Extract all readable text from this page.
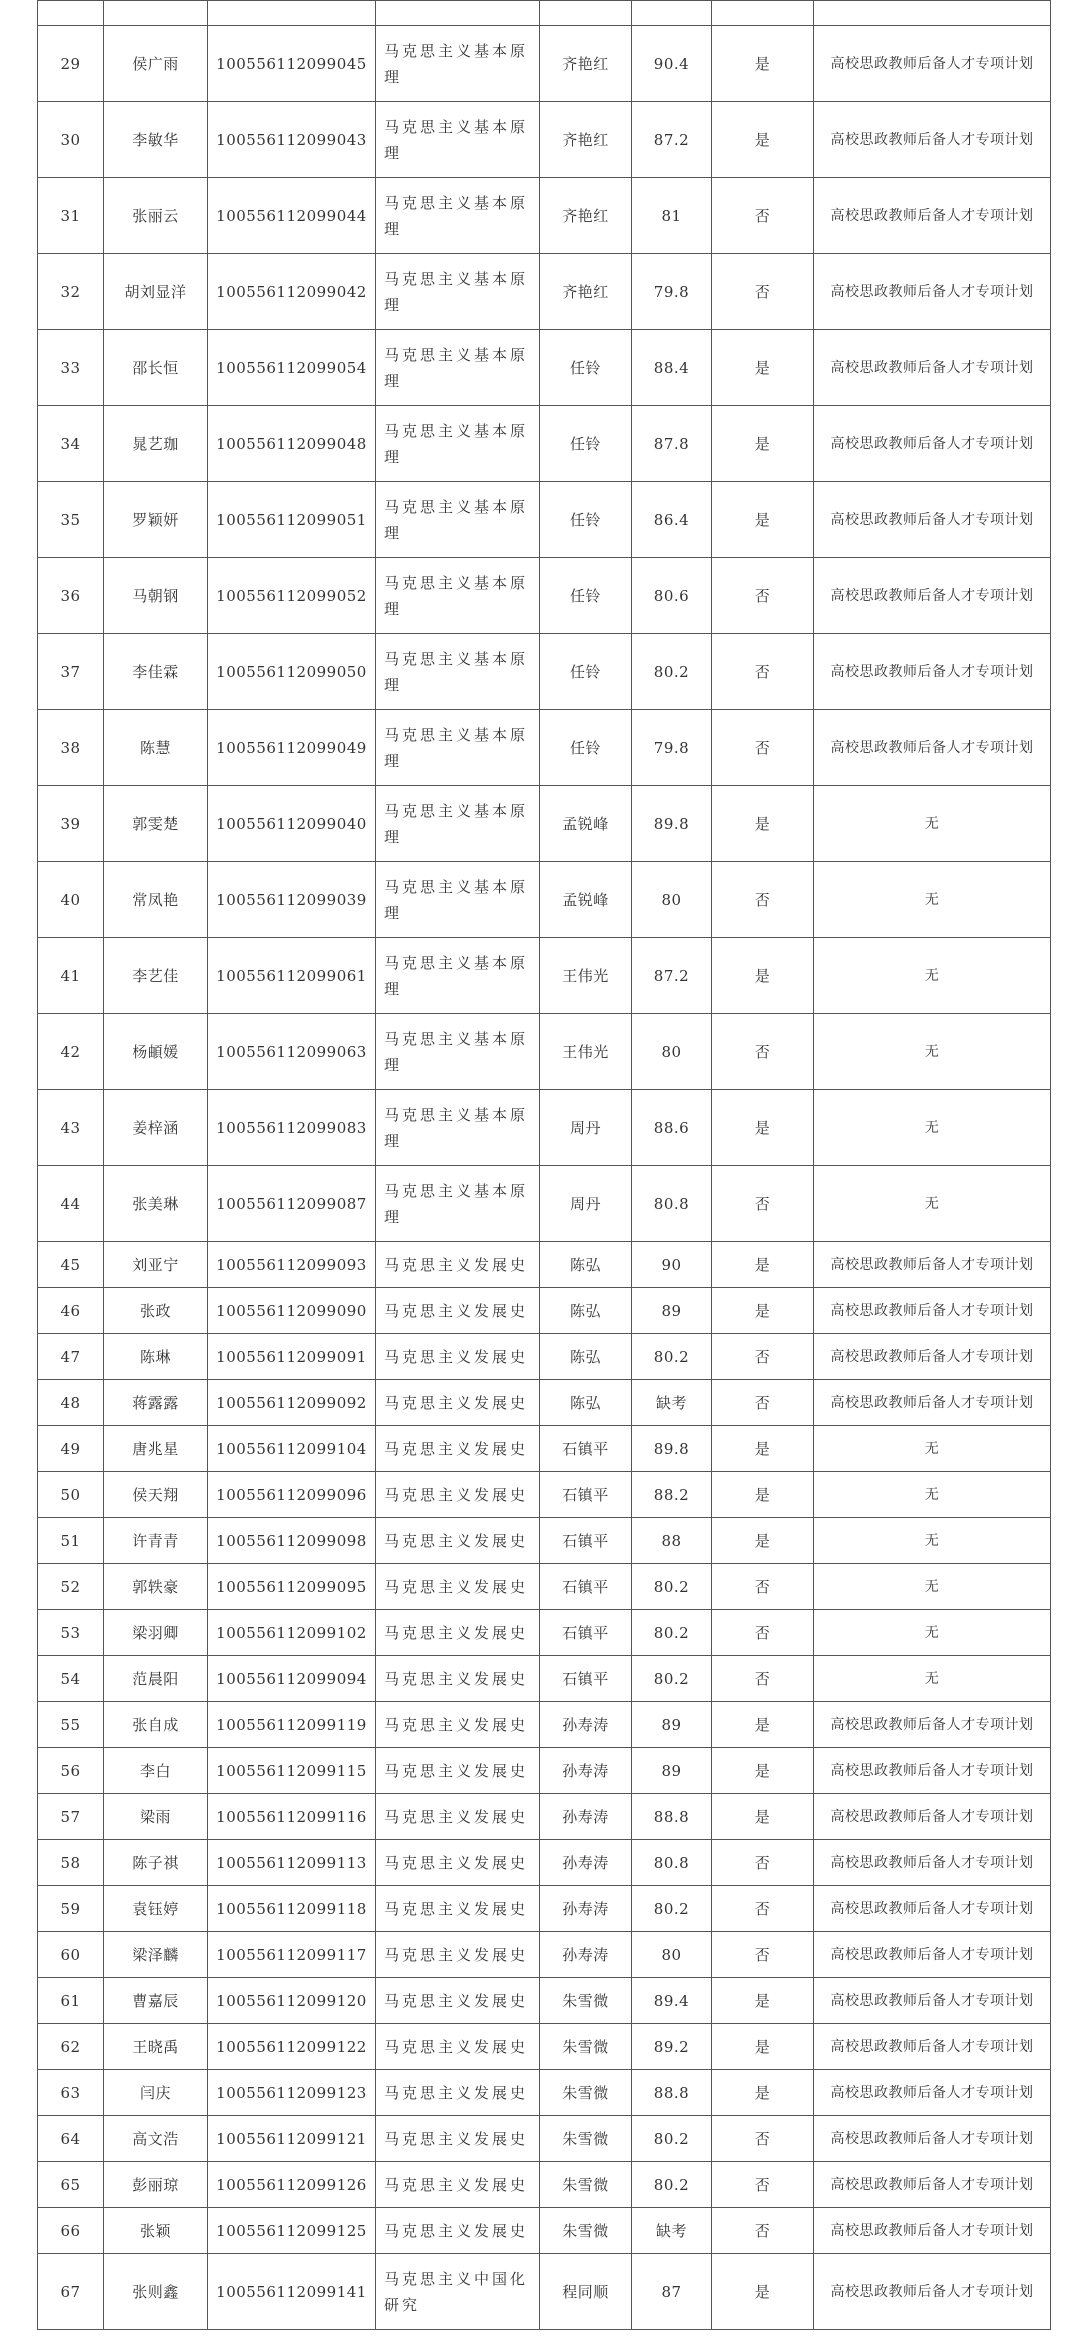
29	侯广雨	100556112099045	马克思主义基本原理	齐艳红	90.4	是	高校思政教师后备人才专项计划
30	李敏华	100556112099043	马克思主义基本原理	齐艳红	87.2	是	高校思政教师后备人才专项计划
31	张丽云	100556112099044	马克思主义基本原理	齐艳红	81	否	高校思政教师后备人才专项计划
32	胡刘显洋	100556112099042	马克思主义基本原理	齐艳红	79.8	否	高校思政教师后备人才专项计划
33	邵长恒	100556112099054	马克思主义基本原理	任铃	88.4	是	高校思政教师后备人才专项计划
34	晁艺珈	100556112099048	马克思主义基本原理	任铃	87.8	是	高校思政教师后备人才专项计划
35	罗颖妍	100556112099051	马克思主义基本原理	任铃	86.4	是	高校思政教师后备人才专项计划
36	马朝钢	100556112099052	马克思主义基本原理	任铃	80.6	否	高校思政教师后备人才专项计划
37	李佳霖	100556112099050	马克思主义基本原理	任铃	80.2	否	高校思政教师后备人才专项计划
38	陈慧	100556112099049	马克思主义基本原理	任铃	79.8	否	高校思政教师后备人才专项计划
39	郭雯楚	100556112099040	马克思主义基本原理	孟锐峰	89.8	是	无
40	常凤艳	100556112099039	马克思主义基本原理	孟锐峰	80	否	无
41	李艺佳	100556112099061	马克思主义基本原理	王伟光	87.2	是	无
42	杨頔媛	100556112099063	马克思主义基本原理	王伟光	80	否	无
43	姜梓涵	100556112099083	马克思主义基本原理	周丹	88.6	是	无
44	张美琳	100556112099087	马克思主义基本原理	周丹	80.8	否	无
45	刘亚宁	100556112099093	马克思主义发展史	陈弘	90	是	高校思政教师后备人才专项计划
46	张政	100556112099090	马克思主义发展史	陈弘	89	是	高校思政教师后备人才专项计划
47	陈琳	100556112099091	马克思主义发展史	陈弘	80.2	否	高校思政教师后备人才专项计划
48	蒋露露	100556112099092	马克思主义发展史	陈弘	缺考	否	高校思政教师后备人才专项计划
49	唐兆星	100556112099104	马克思主义发展史	石镇平	89.8	是	无
50	侯天翔	100556112099096	马克思主义发展史	石镇平	88.2	是	无
51	许青青	100556112099098	马克思主义发展史	石镇平	88	是	无
52	郭轶豪	100556112099095	马克思主义发展史	石镇平	80.2	否	无
53	梁羽卿	100556112099102	马克思主义发展史	石镇平	80.2	否	无
54	范晨阳	100556112099094	马克思主义发展史	石镇平	80.2	否	无
55	张自成	100556112099119	马克思主义发展史	孙寿涛	89	是	高校思政教师后备人才专项计划
56	李白	100556112099115	马克思主义发展史	孙寿涛	89	是	高校思政教师后备人才专项计划
57	梁雨	100556112099116	马克思主义发展史	孙寿涛	88.8	是	高校思政教师后备人才专项计划
58	陈子祺	100556112099113	马克思主义发展史	孙寿涛	80.8	否	高校思政教师后备人才专项计划
59	袁钰婷	100556112099118	马克思主义发展史	孙寿涛	80.2	否	高校思政教师后备人才专项计划
60	梁泽麟	100556112099117	马克思主义发展史	孙寿涛	80	否	高校思政教师后备人才专项计划
61	曹嘉辰	100556112099120	马克思主义发展史	朱雪微	89.4	是	高校思政教师后备人才专项计划
62	王晓禹	100556112099122	马克思主义发展史	朱雪微	89.2	是	高校思政教师后备人才专项计划
63	闫庆	100556112099123	马克思主义发展史	朱雪微	88.8	是	高校思政教师后备人才专项计划
64	高文浩	100556112099121	马克思主义发展史	朱雪微	80.2	否	高校思政教师后备人才专项计划
65	彭丽琼	100556112099126	马克思主义发展史	朱雪微	80.2	否	高校思政教师后备人才专项计划
66	张颖	100556112099125	马克思主义发展史	朱雪微	缺考	否	高校思政教师后备人才专项计划
67	张则鑫	100556112099141	马克思主义中国化研究	程同顺	87	是	高校思政教师后备人才专项计划
